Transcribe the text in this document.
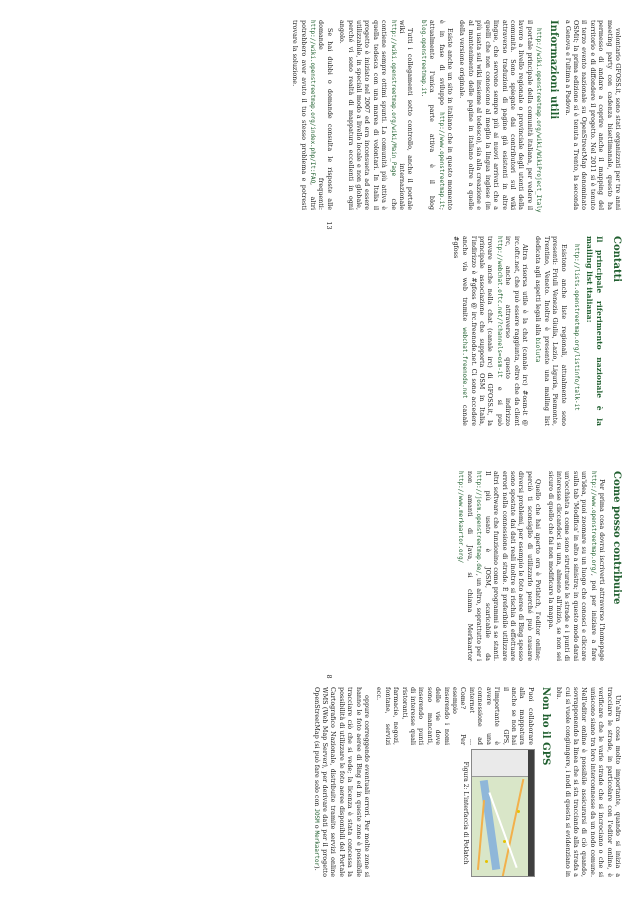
volontario GFOSS.it, sono stati organizzati per tre anni meeting party con cadenza bisettimanale, questo ha permesso di andare a coprire anche il mapping del territorio e di diffondere il progetto. Nel 2011 si è tenuto il terzo evento nazionale su OpenStreetMap denominato OSMit; la prima edizione si è tenuta a Trento, la seconda a Genova e l'ultima a Padova.

Informazioni utili

http://wiki.openstreetmap.org/wiki/WikiProject_Italy il portale principale della comunità italiana, per vedere il lavoro a livello regionale o provinciale degli utenti della comunità. Sono spiegate dai contributori sul wiki attraverso traduzioni di pagine già esistenti in altre lingue, che servono sempre più ai nuovi arrivati che a quelli che non conoscono al meglio la lingua inglese (in più usata sul wiki insieme al tedesco), sia alla creazione e al mantenimento delle pagine in italiano oltre a quelle della versione originale.

Esiste anche un sito in italiano che in questo momento è in fase di sviluppo http://www.openstreetmap.it; attualmente l'unica parte attiva è il blog blog.openstreetmap.it.

Tutti i collegamenti sotto controllo, anche il portale wiki internazionale http://wiki.openstreetmap.org/wiki/Main_Page che contiene sempre ottimi spunti. La comunità più attiva è quella tedesca con una marea di volontari. In Italia il progetto è iniziato nel 2007 ed era inconsueta ad essere utilizzabile, in speciali modo a livello locale e non globale, perché vi sono realtà di mappatura eccellenti in ogni angolo.

Se hai dubbi o domande consulta le risposte alle domande frequenti: http://wiki.openstreetmap.org/index.php/It:FAQ, altri potrebbero aver avuto il tuo stesso problema e potresti trovare la soluzione.

Contatti
Il principale riferimento nazionale è la mailing list italiana:

http://lists.openstreetmap.org/listinfo/talk-it

Esistono anche liste regionali, attualmente sono presenti: Friuli Venezia Giulia, Lazio, Liguria, Piemonte, Trentino, Veneto. Inoltre è presente una mailing list dedicata agli aspetti legali alla bioluta

Altra risorsa utile è la chat (canale irc) #osm-it @ irc.oftc.net, che può essere raggiunta, oltre che da client irc, anche attraverso questo indirizzo http://webchat.oftc.net/?channels=osm-it e si può trovare anche nella chat (canale irc) di GFOSS.it, la principale associazione che supporta OSM in Italia, l'indirizzo è #gfoss @ irc.freenode.net. Ci sono accedere anche via web tramite webchat.freenode.net canale #gfoss

13
Come posso contribuire

Per prima cosa dovrai iscriverti attraverso l'homepage http://www.openstreetmap.org/, poi per iniziare a fare un'idea, puoi zoomare su un luogo che conosci e cliccare sulla tab 'Modifica' in alto a sinistra; in questo modo darai un'occhiata a come sono strutturate le strade e i punti di interesse cliccandoci su una, almeno all'inizio, se non sei sicuro di quello che fai non modificare la mappa.

Quello che hai aperto ora è Potlatch, l'editor online; perciò ti sconsiglio di utilizzarlo perché può causare diversi problemi, per esempio le foto aeree di Bing spesso sono spostate dai dati reali inoltre si rischia di effettuare errori nella connessione di strade. È preferibile utilizzare altri software che funzionino come programmi a se stanti. Il più usato è JOSM, scaricabile da http://josm.openstreetmap.de/, un altro, soprattutto per i non amanti di Java, si chiama Merkaartor http://www.merkaartor.org/

Un'altra cosa molto importante, quando si inizia a tracciare le strade, in particolare con l'editor online, è verificare che le varie strade che si incrociano o che si uniscono siano tra loro interconnesse da un nodo comune. Nell'editor online è possibile assicurarsi di ciò quando, sovrapponendo la linea che si sta tracciando alla strada a cui si vuole congiungere, i nodi di questa si evidenziano in blu.

Non ho il GPS
Puoi collaborare alla mappatura anche se non hai il GPS, l'importante è avere una connessione ad internet ... Come? Per esempio inserendo i nomi delle vie dove sono mancanti, inserendo punti di interesse quali ristoranti, farmacie, negozi, fontane, servizi ecc.
Figura 2: L'interfaccia di Potlatch

oppure correggendo eventuali errori. Per molte zone si hanno le foto aeree di Bing ed in queste zone è possibile tracciare ciò che si vede; la licenza è stata concessa la possibilità di utilizzare le foto aeree disponibili del Portale Cartografico Nazionale, distribuite tramite servizi online WMS (Web Map Server), per derivare dati per il progetto OpenStreetMap (si può fare solo con JOSM o Merkaartor).

8
